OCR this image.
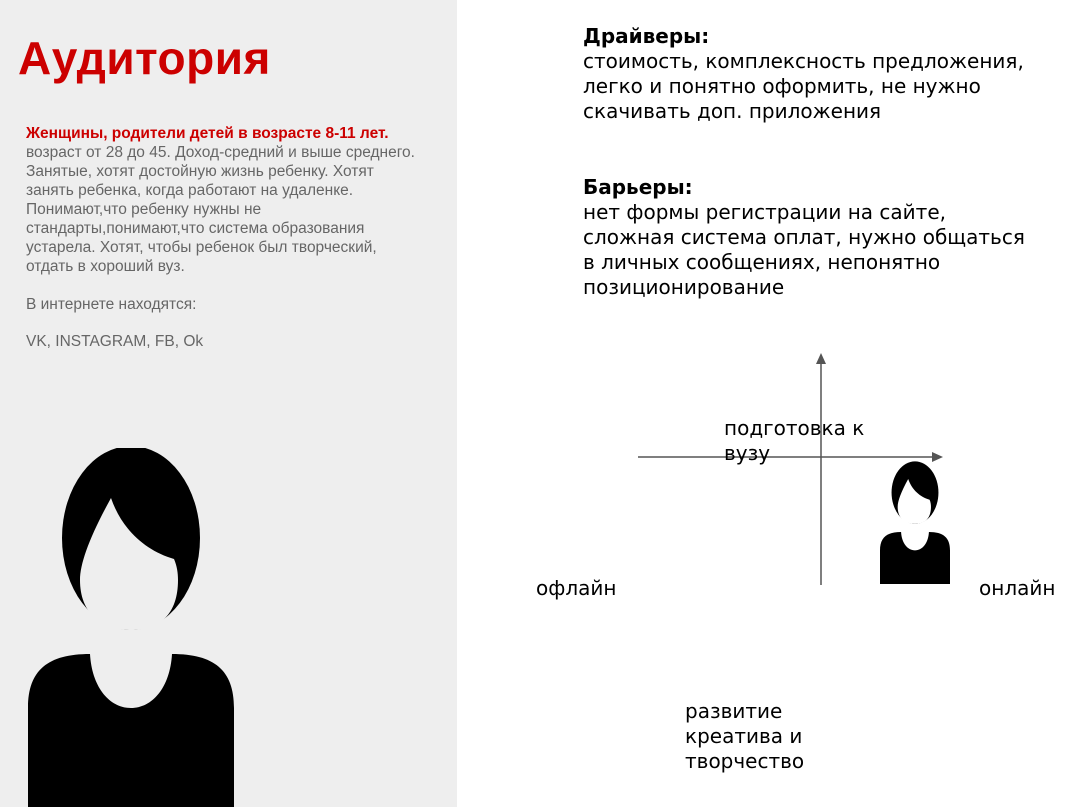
Аудитория

Женщины, родители детей в возрасте 8-11 лет. возраст от 28 до 45. Доход-средний и выше среднего. Занятые, хотят достойную жизнь ребенку. Хотят занять ребенка, когда работают на удаленке. Понимают,что ребенку нужны не стандарты,понимают,что система образования устарела. Хотят, чтобы ребенок был творческий, отдать в хороший вуз.

В интернете находятся:

VK, INSTAGRAM, FB, Ok

Драйверы:
стоимость, комплексность предложения, легко и понятно оформить, не нужно скачивать доп. приложения
Барьеры:
нет формы регистрации на сайте, сложная система оплат, нужно общаться в личных сообщениях, непонятно позиционирование
подготовка к вузу
офлайн	онлайн
развитие креатива и творчество
